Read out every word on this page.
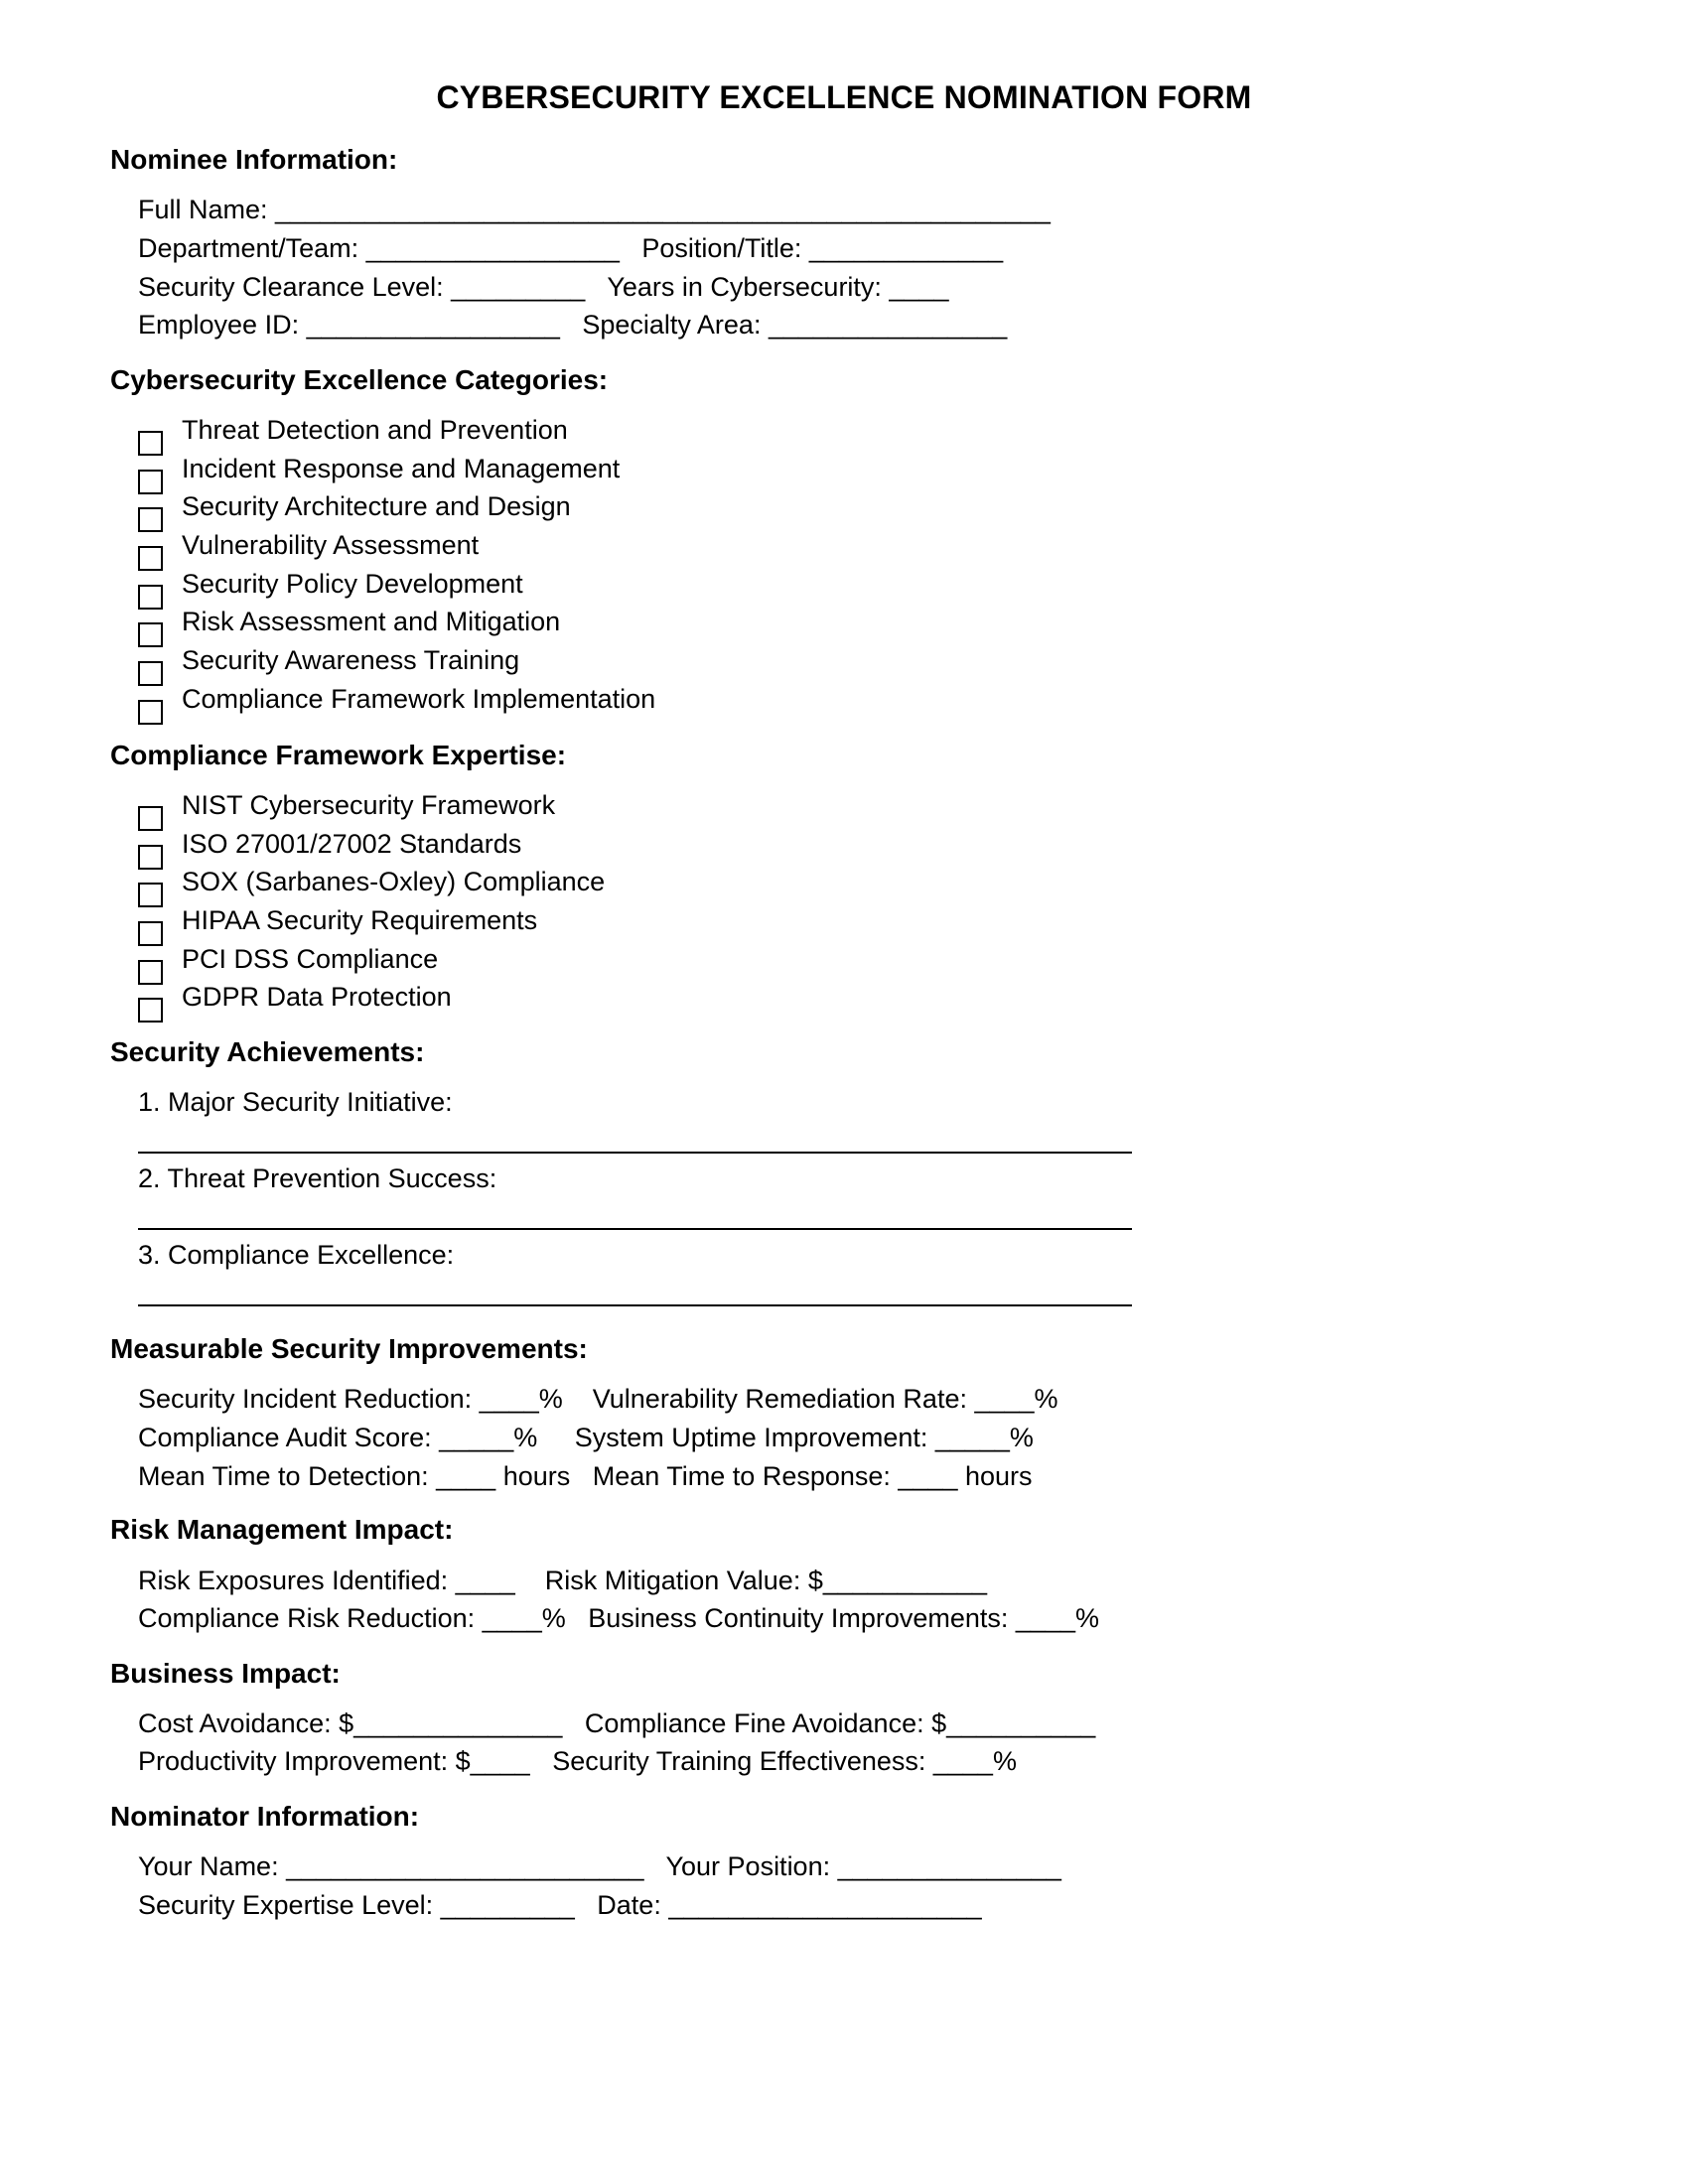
CYBERSECURITY EXCELLENCE NOMINATION FORM
Nominee Information:

Full Name: ____________________________________________________

Department/Team: _________________   Position/Title: _____________

Security Clearance Level: _________   Years in Cybersecurity: ____

Employee ID: _________________   Specialty Area: ________________

Cybersecurity Excellence Categories:
Threat Detection and Prevention
Incident Response and Management
Security Architecture and Design
Vulnerability Assessment
Security Policy Development
Risk Assessment and Mitigation
Security Awareness Training
Compliance Framework Implementation
Compliance Framework Expertise:
NIST Cybersecurity Framework
ISO 27001/27002 Standards
SOX (Sarbanes-Oxley) Compliance
HIPAA Security Requirements
PCI DSS Compliance
GDPR Data Protection
Security Achievements:

1. Major Security Initiative:

2. Threat Prevention Success:

3. Compliance Excellence:

Measurable Security Improvements:

Security Incident Reduction: ____%    Vulnerability Remediation Rate: ____%

Compliance Audit Score: _____%     System Uptime Improvement: _____%

Mean Time to Detection: ____ hours   Mean Time to Response: ____ hours

Risk Management Impact:

Risk Exposures Identified: ____    Risk Mitigation Value: $___________

Compliance Risk Reduction: ____%   Business Continuity Improvements: ____%

Business Impact:

Cost Avoidance: $______________   Compliance Fine Avoidance: $__________

Productivity Improvement: $____   Security Training Effectiveness: ____%

Nominator Information:

Your Name: ________________________   Your Position: _______________

Security Expertise Level: _________   Date: _____________________
